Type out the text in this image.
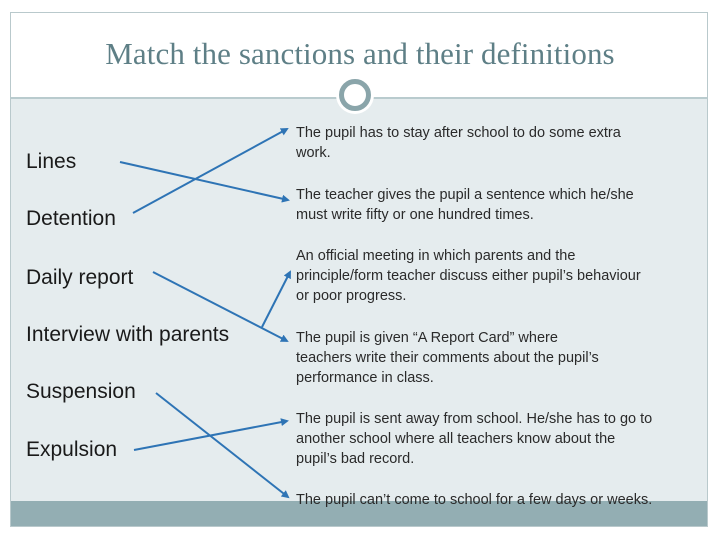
Match the sanctions and their definitions
Lines
Detention
Daily report
Interview with parents
Suspension
Expulsion
The pupil has to stay after school to do some extra
work.
The teacher gives the pupil a sentence which he/she
must write fifty or one hundred times.
An official meeting in which parents and the
principle/form teacher discuss either pupil’s behaviour
or poor progress.
The pupil is given “A Report Card” where
teachers write their comments about the pupil’s
performance in class.
The pupil is sent away from school. He/she has to go to
another school where all teachers know about the
pupil’s bad record.
The pupil can’t come to school for a few days or weeks.
